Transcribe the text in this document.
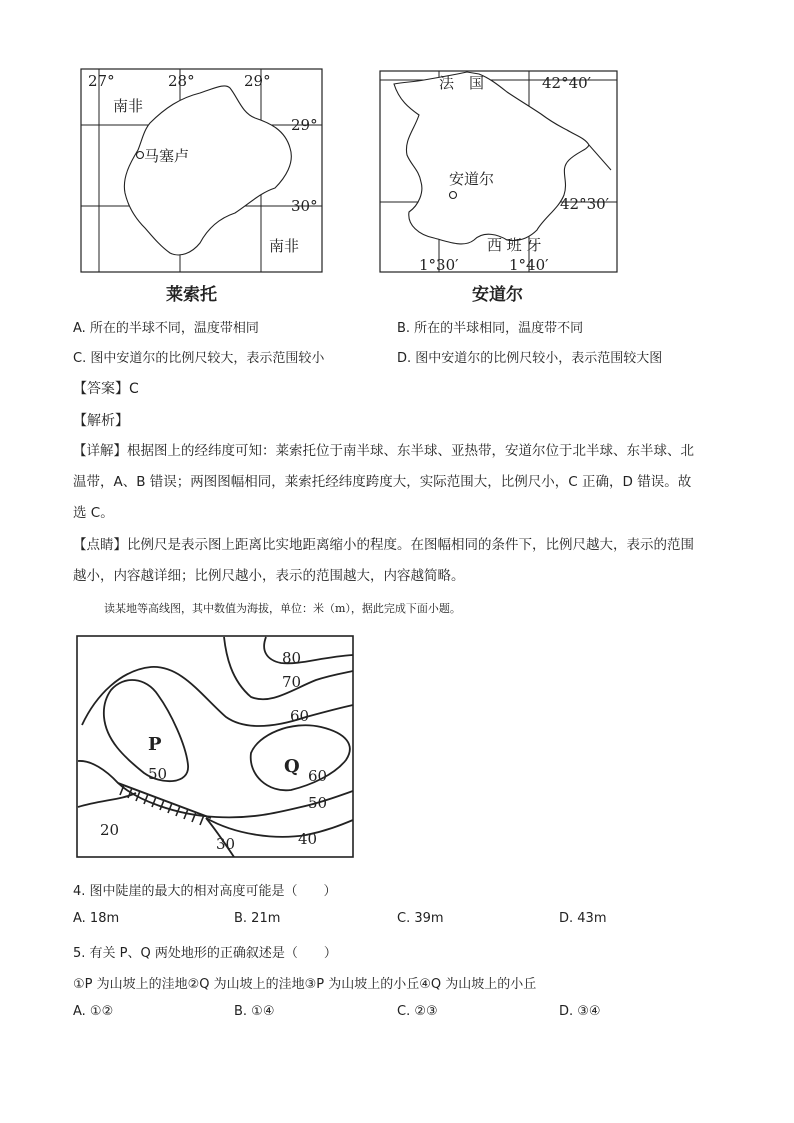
27°	28°	29°
29°
30°
南非
南非
马塞卢
莱索托
法　国	42°40′
42°30′
安道尔
西 班 牙
1°30′	1°40′
安道尔
A. 所在的半球不同，温度带相同	B. 所在的半球相同，温度带不同
C. 图中安道尔的比例尺较大，表示范围较小	D. 图中安道尔的比例尺较小，表示范围较大图
【答案】C
【解析】
【详解】根据图上的经纬度可知：莱索托位于南半球、东半球、亚热带，安道尔位于北半球、东半球、北
温带，A、B 错误；两图图幅相同，莱索托经纬度跨度大，实际范围大，比例尺小，C 正确，D 错误。故
选 C。
【点睛】比例尺是表示图上距离比实地距离缩小的程度。在图幅相同的条件下，比例尺越大，表示的范围
越小，内容越详细；比例尺越小，表示的范围越大，内容越简略。
读某地等高线图，其中数值为海拔，单位：米（m），据此完成下面小题。
80
70
60
60
50
50
40
30
20
P
Q
4. 图中陡崖的最大的相对高度可能是（　　）
A. 18m	B. 21m	C. 39m	D. 43m
5. 有关 P、Q 两处地形的正确叙述是（　　）
①P 为山坡上的洼地②Q 为山坡上的洼地③P 为山坡上的小丘④Q 为山坡上的小丘
A. ①②	B. ①④	C. ②③	D. ③④
